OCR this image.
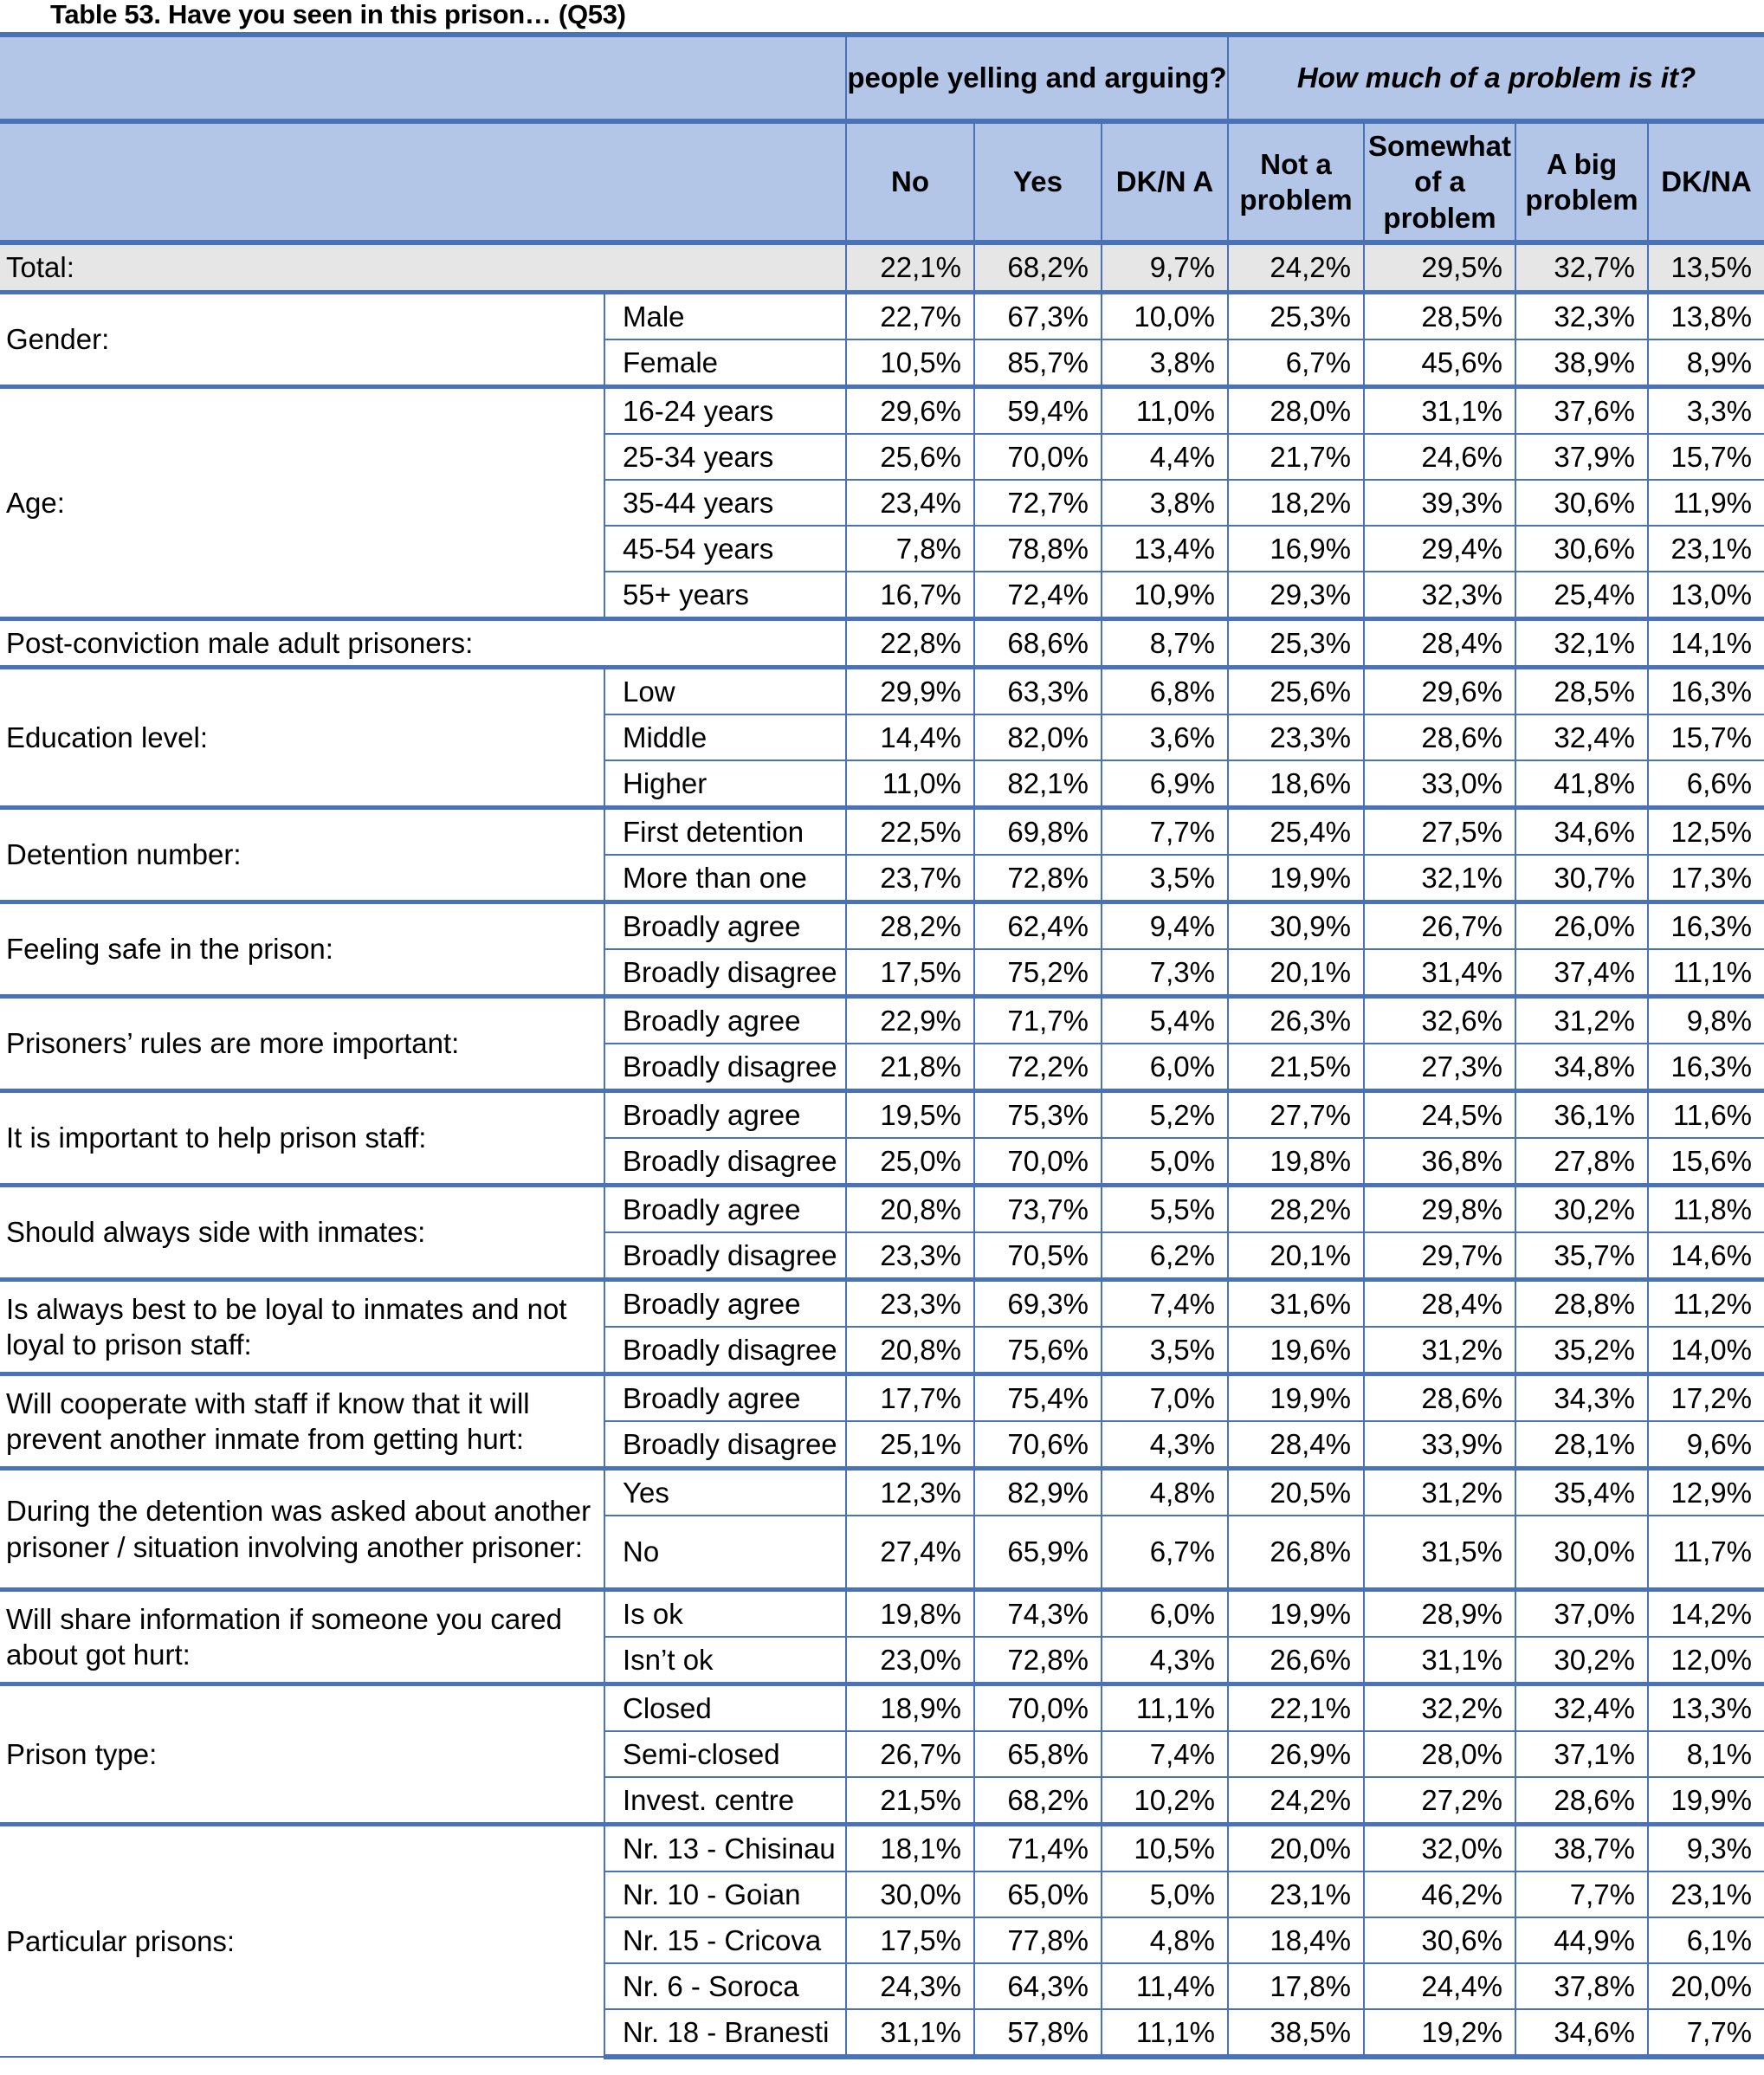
Table 53. Have you seen in this prison… (Q53)
		people yelling and arguing?			How much of a problem is it?			
		No	Yes	DK/N A	Not a problem	Somewhat of a problem	A big problem	DK/NA
Total:		22,1%	68,2%	9,7%	24,2%	29,5%	32,7%	13,5%
Gender:	Male	22,7%	67,3%	10,0%	25,3%	28,5%	32,3%	13,8%
	Female	10,5%	85,7%	3,8%	6,7%	45,6%	38,9%	8,9%
Age:	16-24 years	29,6%	59,4%	11,0%	28,0%	31,1%	37,6%	3,3%
	25-34 years	25,6%	70,0%	4,4%	21,7%	24,6%	37,9%	15,7%
	35-44 years	23,4%	72,7%	3,8%	18,2%	39,3%	30,6%	11,9%
	45-54 years	7,8%	78,8%	13,4%	16,9%	29,4%	30,6%	23,1%
	55+ years	16,7%	72,4%	10,9%	29,3%	32,3%	25,4%	13,0%
Post-conviction male adult prisoners:		22,8%	68,6%	8,7%	25,3%	28,4%	32,1%	14,1%
Education level:	Low	29,9%	63,3%	6,8%	25,6%	29,6%	28,5%	16,3%
	Middle	14,4%	82,0%	3,6%	23,3%	28,6%	32,4%	15,7%
	Higher	11,0%	82,1%	6,9%	18,6%	33,0%	41,8%	6,6%
Detention number:	First detention	22,5%	69,8%	7,7%	25,4%	27,5%	34,6%	12,5%
	More than one	23,7%	72,8%	3,5%	19,9%	32,1%	30,7%	17,3%
Feeling safe in the prison:	Broadly agree	28,2%	62,4%	9,4%	30,9%	26,7%	26,0%	16,3%
	Broadly disagree	17,5%	75,2%	7,3%	20,1%	31,4%	37,4%	11,1%
Prisoners’ rules are more important:	Broadly agree	22,9%	71,7%	5,4%	26,3%	32,6%	31,2%	9,8%
	Broadly disagree	21,8%	72,2%	6,0%	21,5%	27,3%	34,8%	16,3%
It is important to help prison staff:	Broadly agree	19,5%	75,3%	5,2%	27,7%	24,5%	36,1%	11,6%
	Broadly disagree	25,0%	70,0%	5,0%	19,8%	36,8%	27,8%	15,6%
Should always side with inmates:	Broadly agree	20,8%	73,7%	5,5%	28,2%	29,8%	30,2%	11,8%
	Broadly disagree	23,3%	70,5%	6,2%	20,1%	29,7%	35,7%	14,6%
Is always best to be loyal to inmates and not loyal to prison staff:	Broadly agree	23,3%	69,3%	7,4%	31,6%	28,4%	28,8%	11,2%
	Broadly disagree	20,8%	75,6%	3,5%	19,6%	31,2%	35,2%	14,0%
Will cooperate with staff if know that it will prevent another inmate from getting hurt:	Broadly agree	17,7%	75,4%	7,0%	19,9%	28,6%	34,3%	17,2%
	Broadly disagree	25,1%	70,6%	4,3%	28,4%	33,9%	28,1%	9,6%
During the detention was asked about another prisoner / situation involving another prisoner:	Yes	12,3%	82,9%	4,8%	20,5%	31,2%	35,4%	12,9%
	No	27,4%	65,9%	6,7%	26,8%	31,5%	30,0%	11,7%
Will share information if someone you cared about got hurt:	Is ok	19,8%	74,3%	6,0%	19,9%	28,9%	37,0%	14,2%
	Isn’t ok	23,0%	72,8%	4,3%	26,6%	31,1%	30,2%	12,0%
Prison type:	Closed	18,9%	70,0%	11,1%	22,1%	32,2%	32,4%	13,3%
	Semi-closed	26,7%	65,8%	7,4%	26,9%	28,0%	37,1%	8,1%
	Invest. centre	21,5%	68,2%	10,2%	24,2%	27,2%	28,6%	19,9%
Particular prisons:	Nr. 13 - Chisinau	18,1%	71,4%	10,5%	20,0%	32,0%	38,7%	9,3%
	Nr. 10 - Goian	30,0%	65,0%	5,0%	23,1%	46,2%	7,7%	23,1%
	Nr. 15 - Cricova	17,5%	77,8%	4,8%	18,4%	30,6%	44,9%	6,1%
	Nr. 6 - Soroca	24,3%	64,3%	11,4%	17,8%	24,4%	37,8%	20,0%
	Nr. 18 - Branesti	31,1%	57,8%	11,1%	38,5%	19,2%	34,6%	7,7%
